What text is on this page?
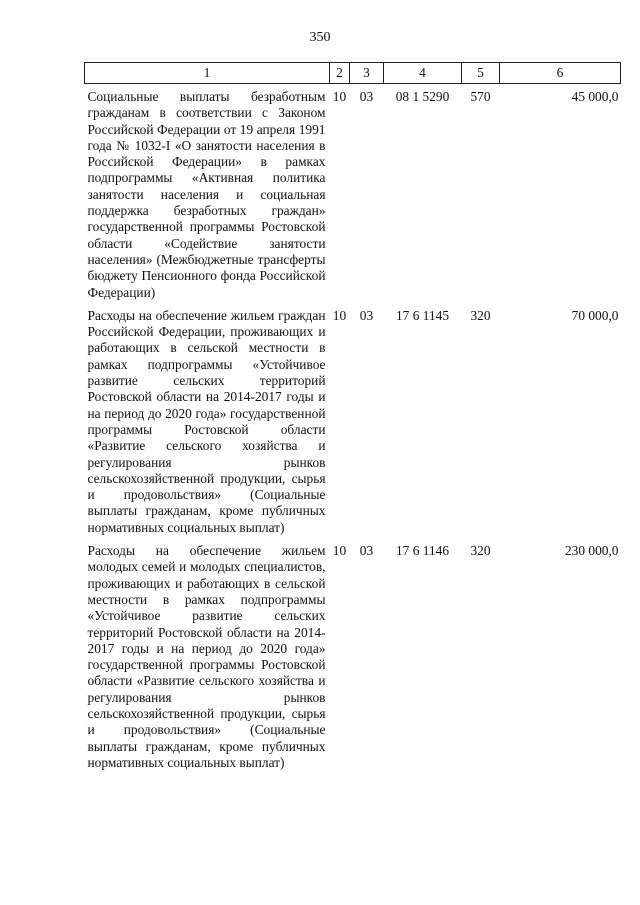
350
1	2	3	4	5	6
Социальные выплаты безработным гражданам в соответствии с Законом Российской Федерации от 19 апреля 1991 года № 1032-I «О занятости населения в Российской Федерации» в рамках подпрограммы «Активная политика занятости населения и социальная поддержка безработных граждан» государственной программы Ростовской области «Содействие занятости населения» (Межбюджетные трансферты бюджету Пенсионного фонда Российской Федерации)	10	03	08 1 5290	570	45 000,0
Расходы на обеспечение жильем граждан Российской Федерации, проживающих и работающих в сельской местности в рамках подпрограммы «Устойчивое развитие сельских территорий Ростовской области на 2014-2017 годы и на период до 2020 года» государственной программы Ростовской области «Развитие сельского хозяйства и регулирования рынков сельскохозяйственной продукции, сырья и продовольствия» (Социальные выплаты гражданам, кроме публичных нормативных социальных выплат)	10	03	17 6 1145	320	70 000,0
Расходы на обеспечение жильем молодых семей и молодых специалистов, проживающих и работающих в сельской местности в рамках подпрограммы «Устойчивое развитие сельских территорий Ростовской области на 2014-2017 годы и на период до 2020 года» государственной программы Ростовской области «Развитие сельского хозяйства и регулирования рынков сельскохозяйственной продукции, сырья и продовольствия» (Социальные выплаты гражданам, кроме публичных нормативных социальных выплат)	10	03	17 6 1146	320	230 000,0
